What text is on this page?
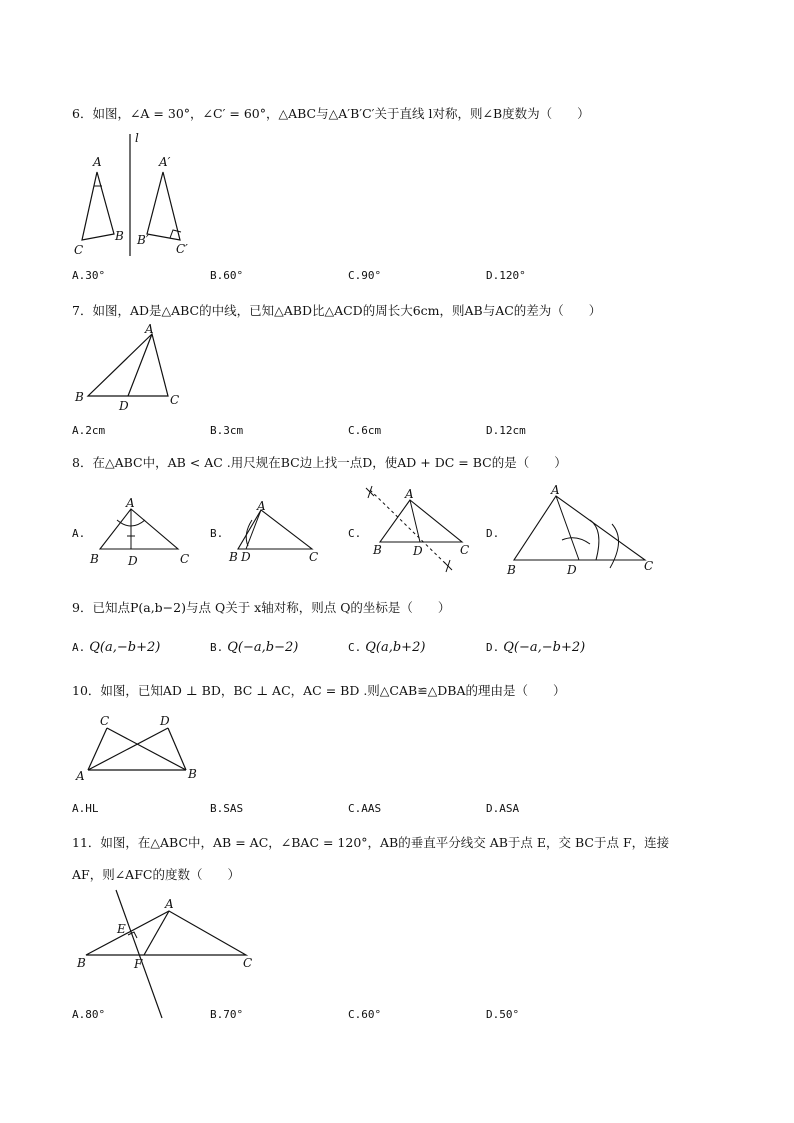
6．如图，∠A = 30°，∠C′ = 60°，△ABC与△A′B′C′关于直线 l对称，则∠B度数为（　　）
l
A
C
B
A′
B′
C′
A.30°	B.60°	C.90°	D.120°
7．如图，AD是△ABC的中线，已知△ABD比△ACD的周长大6cm，则AB与AC的差为（　　）
A
B
D	C
A.2cm	B.3cm	C.6cm	D.12cm
8．在△ABC中，AB < AC .用尺规在BC边上找一点D，使AD + DC = BC的是（　　）
A.	B.	C.	D.
A
B D	C
A
B D	C
A
B	D	C
A
B	D	C
9．已知点P(a,b−2)与点 Q关于 x轴对称，则点 Q的坐标是（　　）
A. Q(a,−b+2)	B. Q(−a,b−2)	C. Q(a,b+2)	D. Q(−a,−b+2)
10．如图，已知AD ⊥ BD，BC ⊥ AC，AC = BD .则△CAB≌△DBA的理由是（　　）
C	D
A	B
A.HL	B.SAS	C.AAS	D.ASA
11．如图，在△ABC中，AB = AC，∠BAC = 120°，AB的垂直平分线交 AB于点 E，交 BC于点 F，连接
AF，则∠AFC的度数（　　）
A
E
B	F	C
A.80°	B.70°	C.60°	D.50°
